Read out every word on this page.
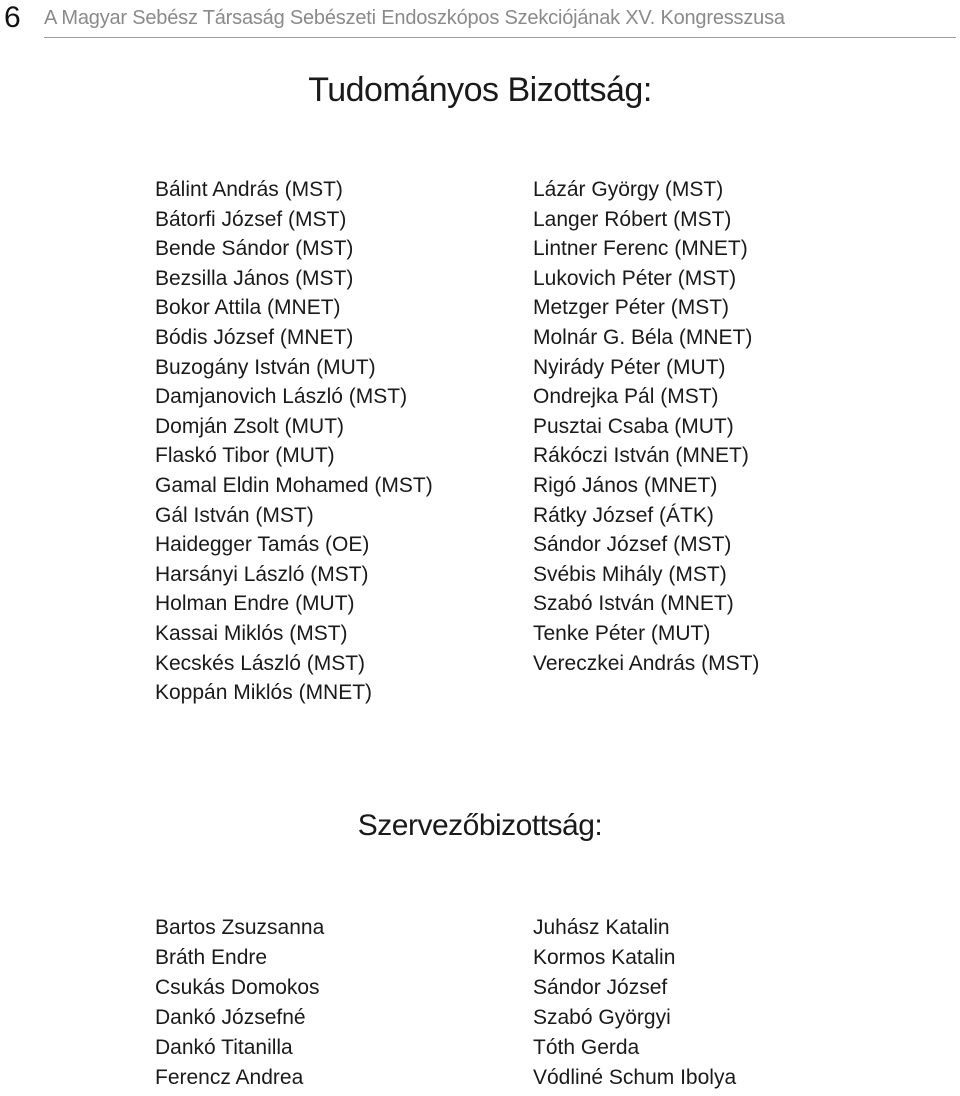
6 A Magyar Sebész Társaság Sebészeti Endoszkópos Szekciójának XV. Kongresszusa
Tudományos Bizottság:
Bálint András (MST)
Bátorfi József (MST)
Bende Sándor (MST)
Bezsilla János (MST)
Bokor Attila (MNET)
Bódis József (MNET)
Buzogány István (MUT)
Damjanovich László (MST)
Domján Zsolt (MUT)
Flaskó Tibor (MUT)
Gamal Eldin Mohamed (MST)
Gál István (MST)
Haidegger Tamás (OE)
Harsányi László (MST)
Holman Endre (MUT)
Kassai Miklós (MST)
Kecskés László (MST)
Koppán Miklós (MNET)
Lázár György (MST)
Langer Róbert (MST)
Lintner Ferenc (MNET)
Lukovich Péter (MST)
Metzger Péter (MST)
Molnár G. Béla (MNET)
Nyirády Péter (MUT)
Ondrejka Pál (MST)
Pusztai Csaba (MUT)
Rákóczi István (MNET)
Rigó János (MNET)
Rátky József (ÁTK)
Sándor József (MST)
Svébis Mihály (MST)
Szabó István (MNET)
Tenke Péter (MUT)
Vereczkei András (MST)
Szervezőbizottság:
Bartos Zsuzsanna
Bráth Endre
Csukás Domokos
Dankó Józsefné
Dankó Titanilla
Ferencz Andrea
Juhász Katalin
Kormos Katalin
Sándor József
Szabó Györgyi
Tóth Gerda
Vódliné Schum Ibolya
